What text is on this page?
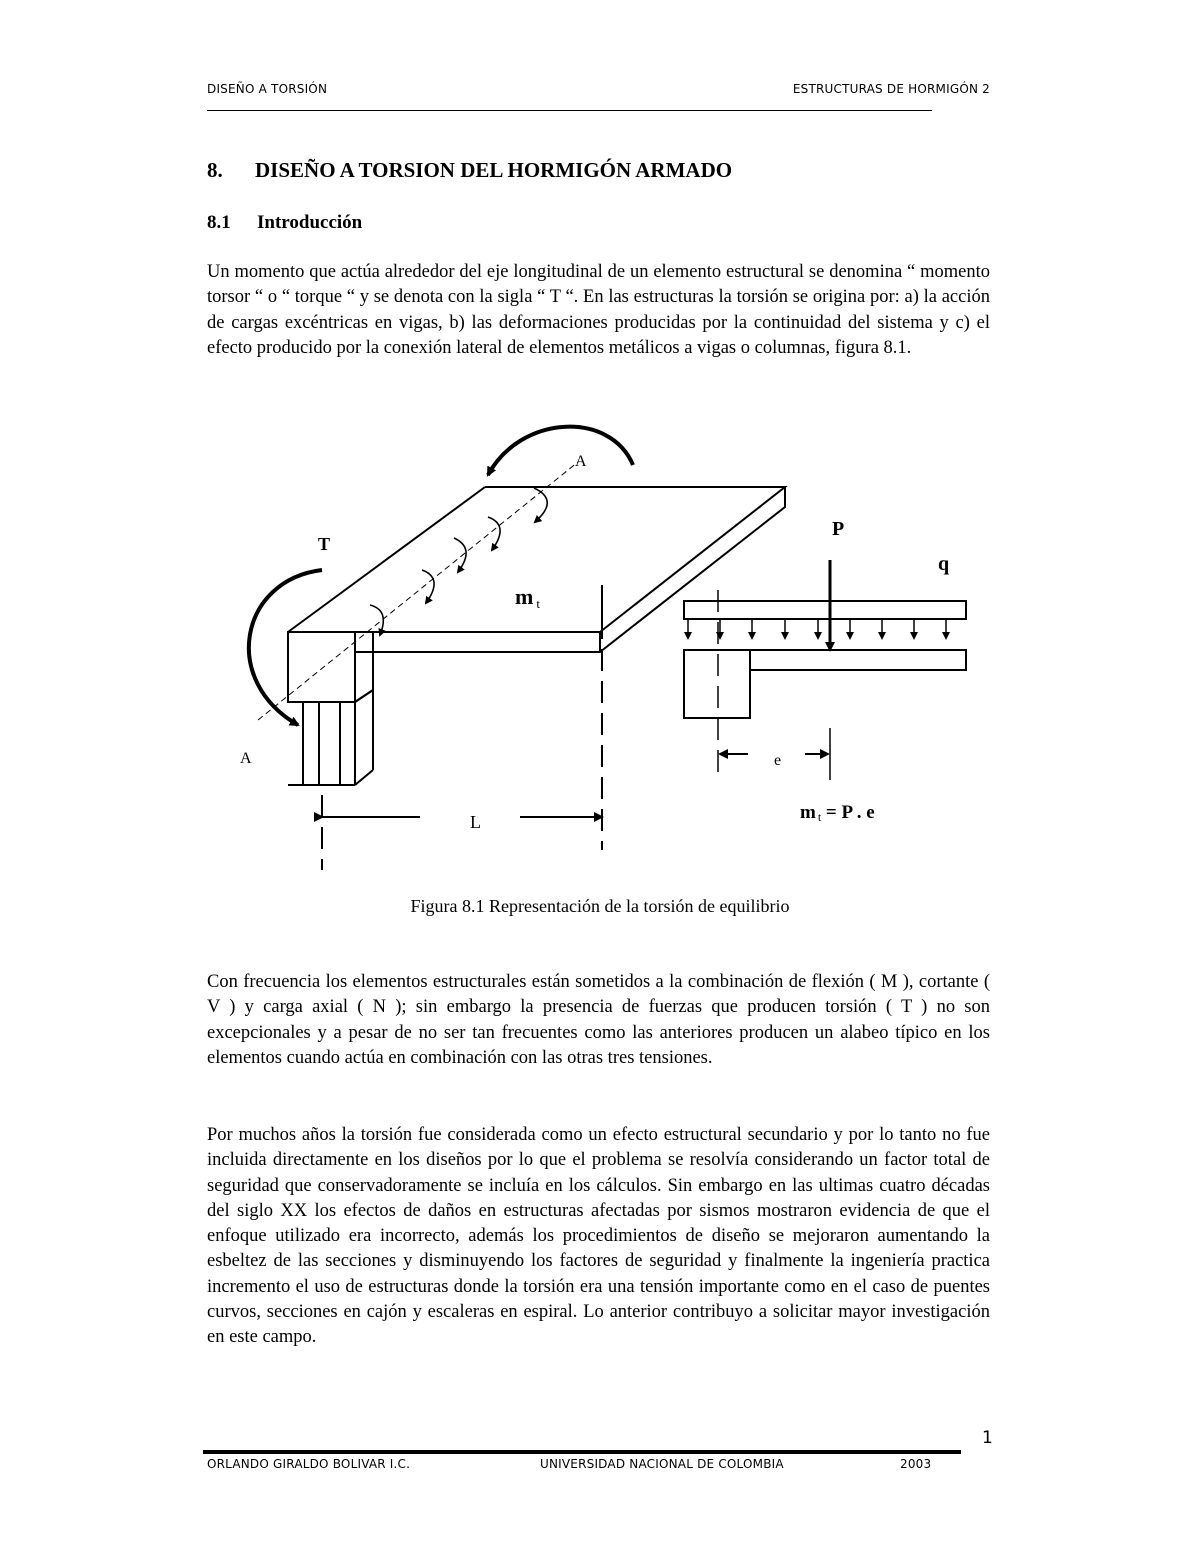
DISEÑO A TORSIÓN	ESTRUCTURAS DE HORMIGÓN 2
8. DISEÑO A TORSION DEL HORMIGÓN ARMADO
8.1 Introducción

Un momento que actúa alrededor del eje longitudinal de un elemento estructural se denomina “ momento torsor “ o “ torque “ y se denota con la sigla “ T “. En las estructuras la torsión se origina por: a) la acción de cargas excéntricas en vigas, b) las deformaciones producidas por la continuidad del sistema y c) el efecto producido por la conexión lateral de elementos metálicos a vigas o columnas, figura 8.1.

A
A
T
mt
P
q
L
e
mt = P . e
Figura 8.1 Representación de la torsión de equilibrio

Con frecuencia los elementos estructurales están sometidos a la combinación de flexión ( M ), cortante ( V ) y carga axial ( N ); sin embargo la presencia de fuerzas que producen torsión ( T ) no son excepcionales y a pesar de no ser tan frecuentes como las anteriores producen un alabeo típico en los elementos cuando actúa en combinación con las otras tres tensiones.

Por muchos años la torsión fue considerada como un efecto estructural secundario y por lo tanto no fue incluida directamente en los diseños por lo que el problema se resolvía considerando un factor total de seguridad que conservadoramente se incluía en los cálculos. Sin embargo en las ultimas cuatro décadas del siglo XX los efectos de daños en estructuras afectadas por sismos mostraron evidencia de que el enfoque utilizado era incorrecto, además los procedimientos de diseño se mejoraron aumentando la esbeltez de las secciones y disminuyendo los factores de seguridad y finalmente la ingeniería practica incremento el uso de estructuras donde la torsión era una tensión importante como en el caso de puentes curvos, secciones en cajón y escaleras en espiral. Lo anterior contribuyo a solicitar mayor investigación en este campo.

1
ORLANDO GIRALDO BOLIVAR I.C.	UNIVERSIDAD NACIONAL DE COLOMBIA	2003
